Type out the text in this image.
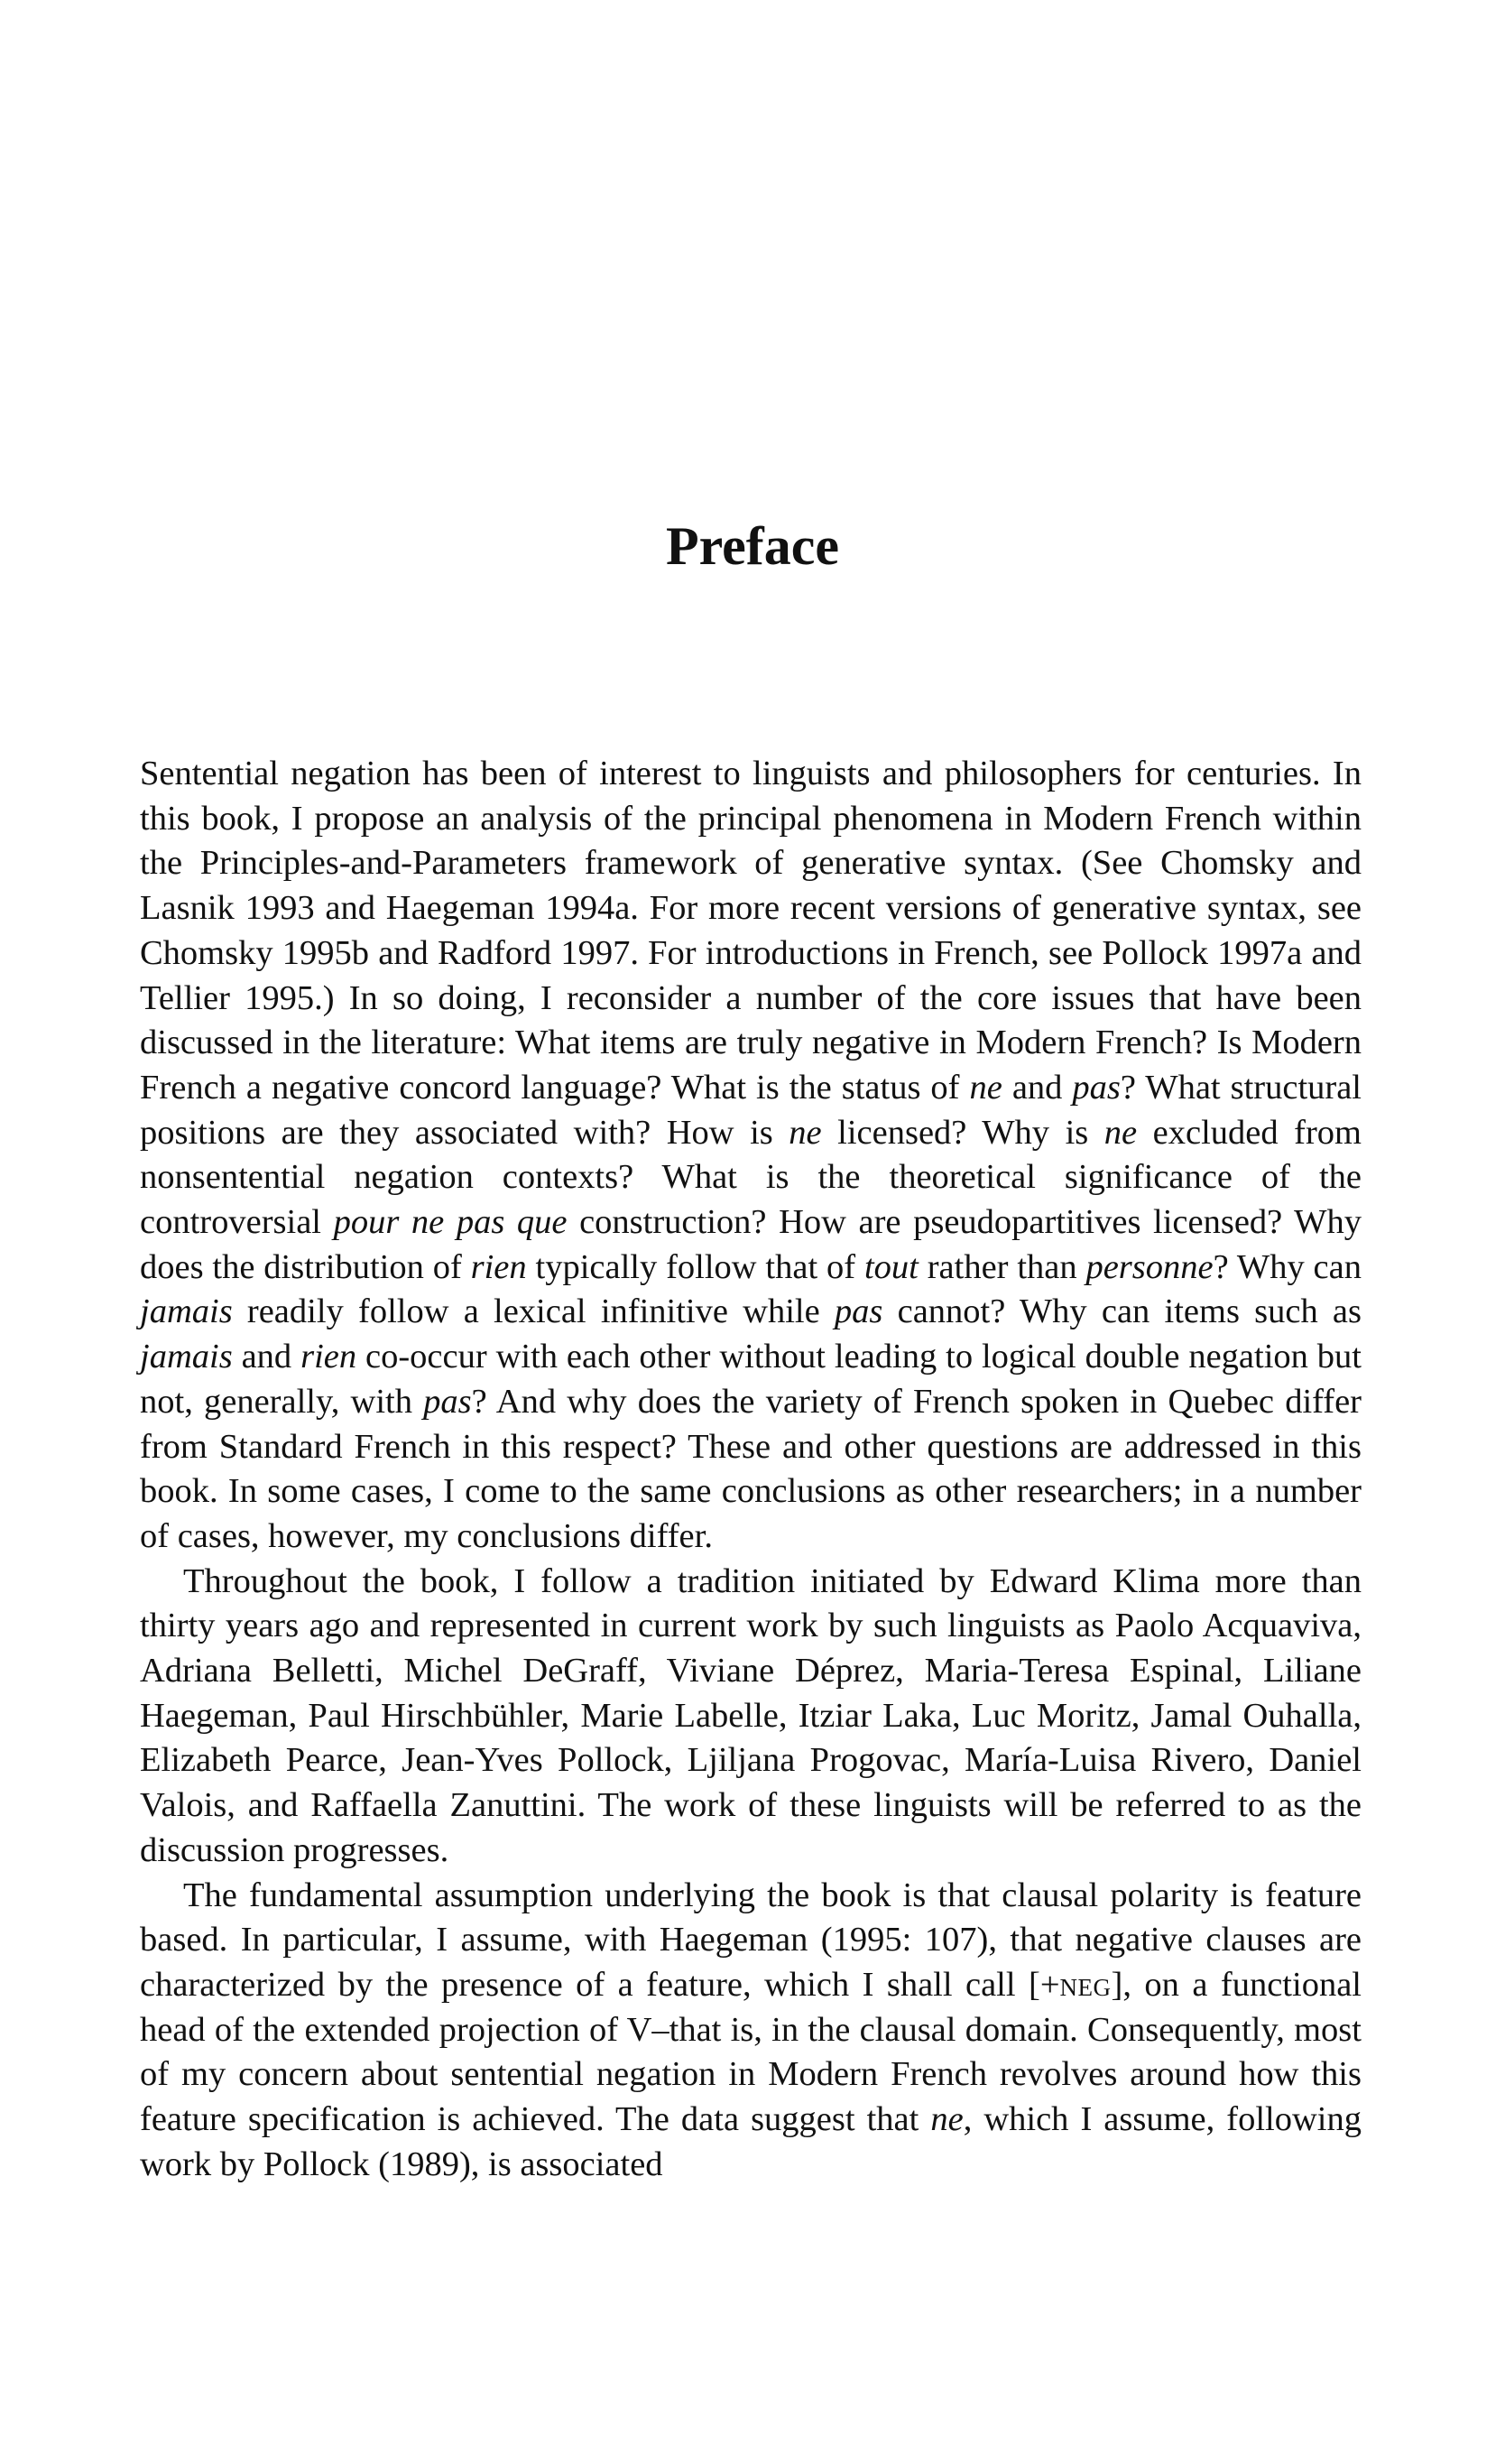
Preface

Sentential negation has been of interest to linguists and philosophers for centuries. In this book, I propose an analysis of the principal phenomena in Modern French within the Principles-and-Parameters framework of generative syntax. (See Chomsky and Lasnik 1993 and Haegeman 1994a. For more recent versions of generative syntax, see Chomsky 1995b and Radford 1997. For introductions in French, see Pollock 1997a and Tellier 1995.) In so doing, I reconsider a number of the core issues that have been discussed in the literature: What items are truly negative in Modern French? Is Modern French a negative concord language? What is the status of ne and pas? What structural positions are they associated with? How is ne licensed? Why is ne excluded from nonsentential negation contexts? What is the theoretical significance of the controversial pour ne pas que construction? How are pseudopartitives licensed? Why does the distribution of rien typically follow that of tout rather than personne? Why can jamais readily follow a lexical infinitive while pas cannot? Why can items such as jamais and rien co-occur with each other without leading to logical double negation but not, generally, with pas? And why does the variety of French spoken in Quebec differ from Standard French in this respect? These and other questions are addressed in this book. In some cases, I come to the same conclusions as other researchers; in a number of cases, however, my conclusions differ.

Throughout the book, I follow a tradition initiated by Edward Klima more than thirty years ago and represented in current work by such linguists as Paolo Acquaviva, Adriana Belletti, Michel DeGraff, Viviane Déprez, Maria-Teresa Espinal, Liliane Haegeman, Paul Hirschbühler, Marie Labelle, Itziar Laka, Luc Moritz, Jamal Ouhalla, Elizabeth Pearce, Jean-Yves Pollock, Ljiljana Progovac, María-Luisa Rivero, Daniel Valois, and Raffaella Zanuttini. The work of these linguists will be referred to as the discussion progresses.

The fundamental assumption underlying the book is that clausal polarity is feature based. In particular, I assume, with Haegeman (1995: 107), that negative clauses are characterized by the presence of a feature, which I shall call [+neg], on a functional head of the extended projection of V–that is, in the clausal domain. Consequently, most of my concern about sentential negation in Modern French revolves around how this feature specification is achieved. The data suggest that ne, which I assume, following work by Pollock (1989), is associated
